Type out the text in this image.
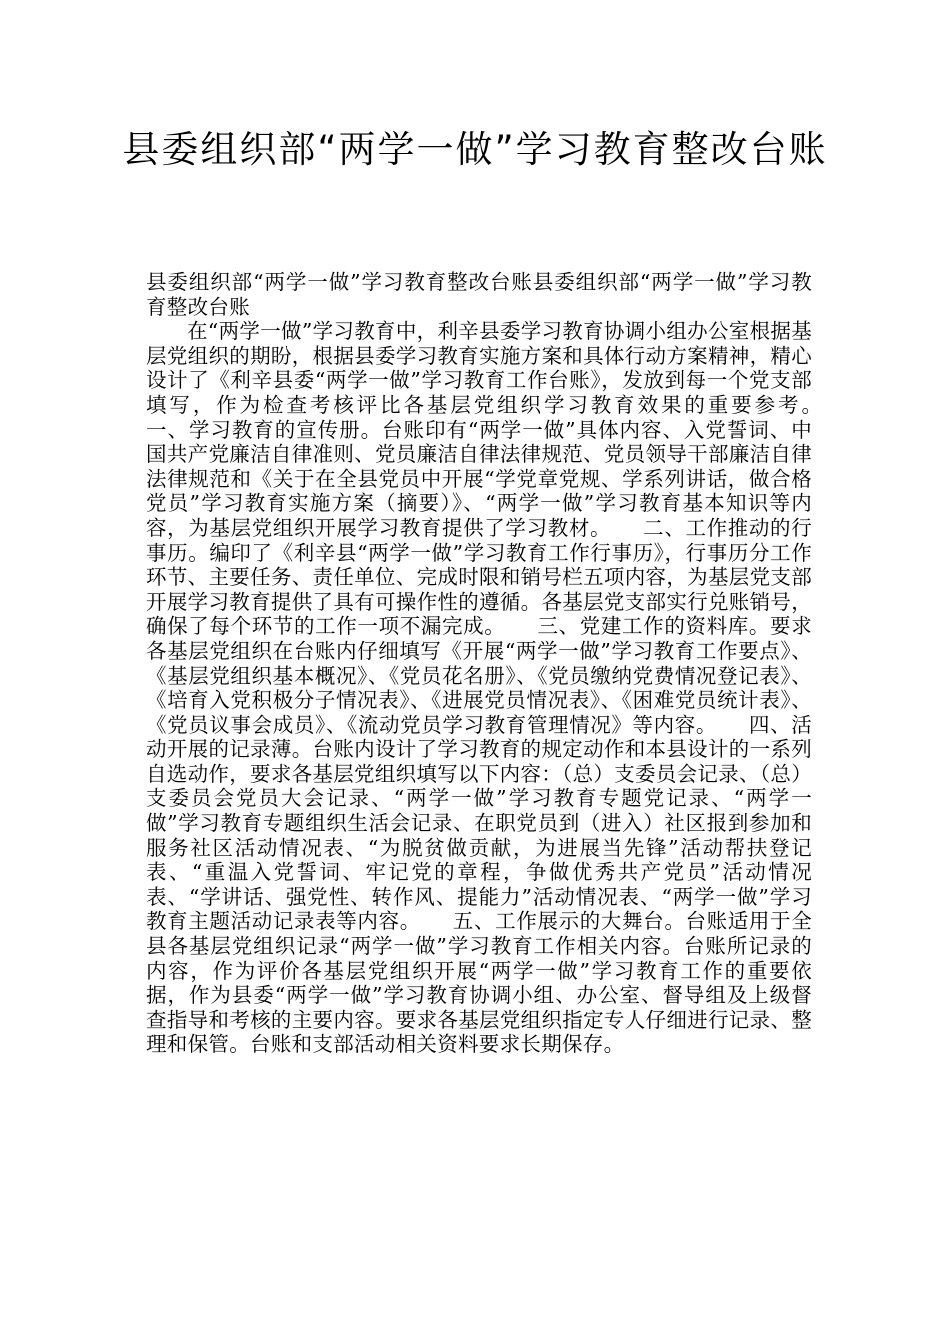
县委组织部“两学一做”学习教育整改台账

县委组织部“两学一做”学习教育整改台账县委组织部“两学一做”学习教育整改台账

在“两学一做”学习教育中，利辛县委学习教育协调小组办公室根据基层党组织的期盼，根据县委学习教育实施方案和具体行动方案精神，精心设计了《利辛县委“两学一做”学习教育工作台账》，发放到每一个党支部填写，作为检查考核评比各基层党组织学习教育效果的重要参考。　　一、学习教育的宣传册。台账印有“两学一做”具体内容、入党誓词、中国共产党廉洁自律准则、党员廉洁自律法律规范、党员领导干部廉洁自律法律规范和《关于在全县党员中开展“学党章党规、学系列讲话，做合格党员”学习教育实施方案（摘要）》、“两学一做”学习教育基本知识等内容，为基层党组织开展学习教育提供了学习教材。　　二、工作推动的行事历。编印了《利辛县“两学一做”学习教育工作行事历》，行事历分工作环节、主要任务、责任单位、完成时限和销号栏五项内容，为基层党支部开展学习教育提供了具有可操作性的遵循。各基层党支部实行兑账销号，确保了每个环节的工作一项不漏完成。　　三、党建工作的资料库。要求各基层党组织在台账内仔细填写《开展“两学一做”学习教育工作要点》、《基层党组织基本概况》、《党员花名册》、《党员缴纳党费情况登记表》、《培育入党积极分子情况表》、《进展党员情况表》、《困难党员统计表》、《党员议事会成员》、《流动党员学习教育管理情况》等内容。　　四、活动开展的记录薄。台账内设计了学习教育的规定动作和本县设计的一系列自选动作，要求各基层党组织填写以下内容：（总）支委员会记录、（总）支委员会党员大会记录、“两学一做”学习教育专题党记录、“两学一做”学习教育专题组织生活会记录、在职党员到（进入）社区报到参加和服务社区活动情况表、“为脱贫做贡献，为进展当先锋”活动帮扶登记表、“重温入党誓词、牢记党的章程，争做优秀共产党员”活动情况表、“学讲话、强党性、转作风、提能力”活动情况表、“两学一做”学习教育主题活动记录表等内容。　　五、工作展示的大舞台。台账适用于全县各基层党组织记录“两学一做”学习教育工作相关内容。台账所记录的内容，作为评价各基层党组织开展“两学一做”学习教育工作的重要依据，作为县委“两学一做”学习教育协调小组、办公室、督导组及上级督查指导和考核的主要内容。要求各基层党组织指定专人仔细进行记录、整理和保管。台账和支部活动相关资料要求长期保存。
